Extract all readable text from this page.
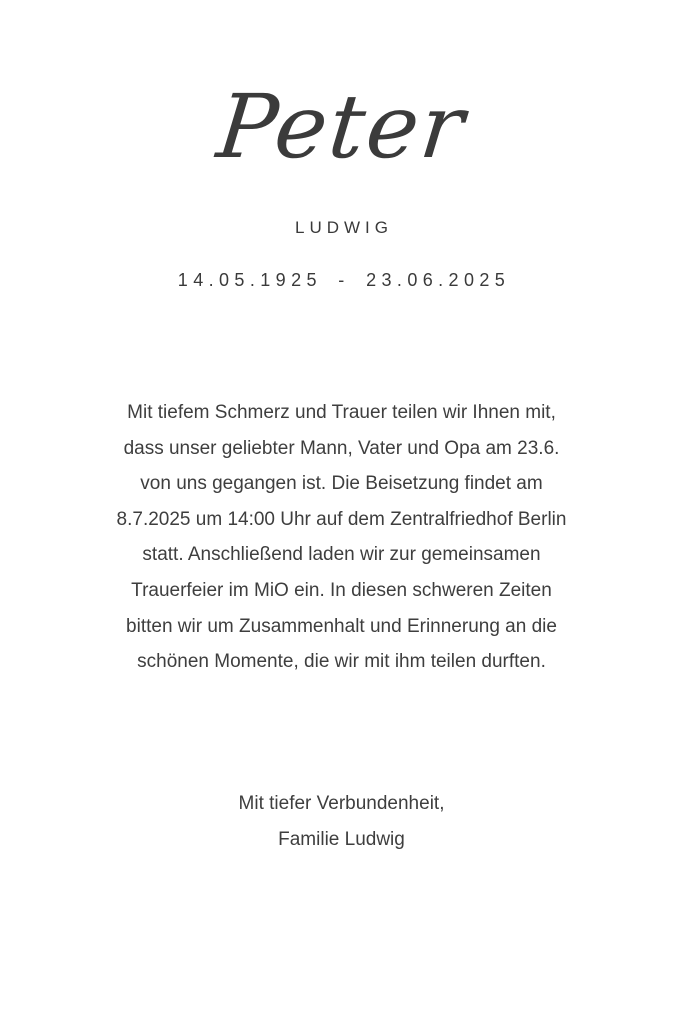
Peter
LUDWIG
14.05.1925 - 23.06.2025
Mit tiefem Schmerz und Trauer teilen wir Ihnen mit, dass unser geliebter Mann, Vater und Opa am 23.6. von uns gegangen ist. Die Beisetzung findet am 8.7.2025 um 14:00 Uhr auf dem Zentralfriedhof Berlin statt. Anschließend laden wir zur gemeinsamen Trauerfeier im MiO ein. In diesen schweren Zeiten bitten wir um Zusammenhalt und Erinnerung an die schönen Momente, die wir mit ihm teilen durften.
Mit tiefer Verbundenheit,
Familie Ludwig
